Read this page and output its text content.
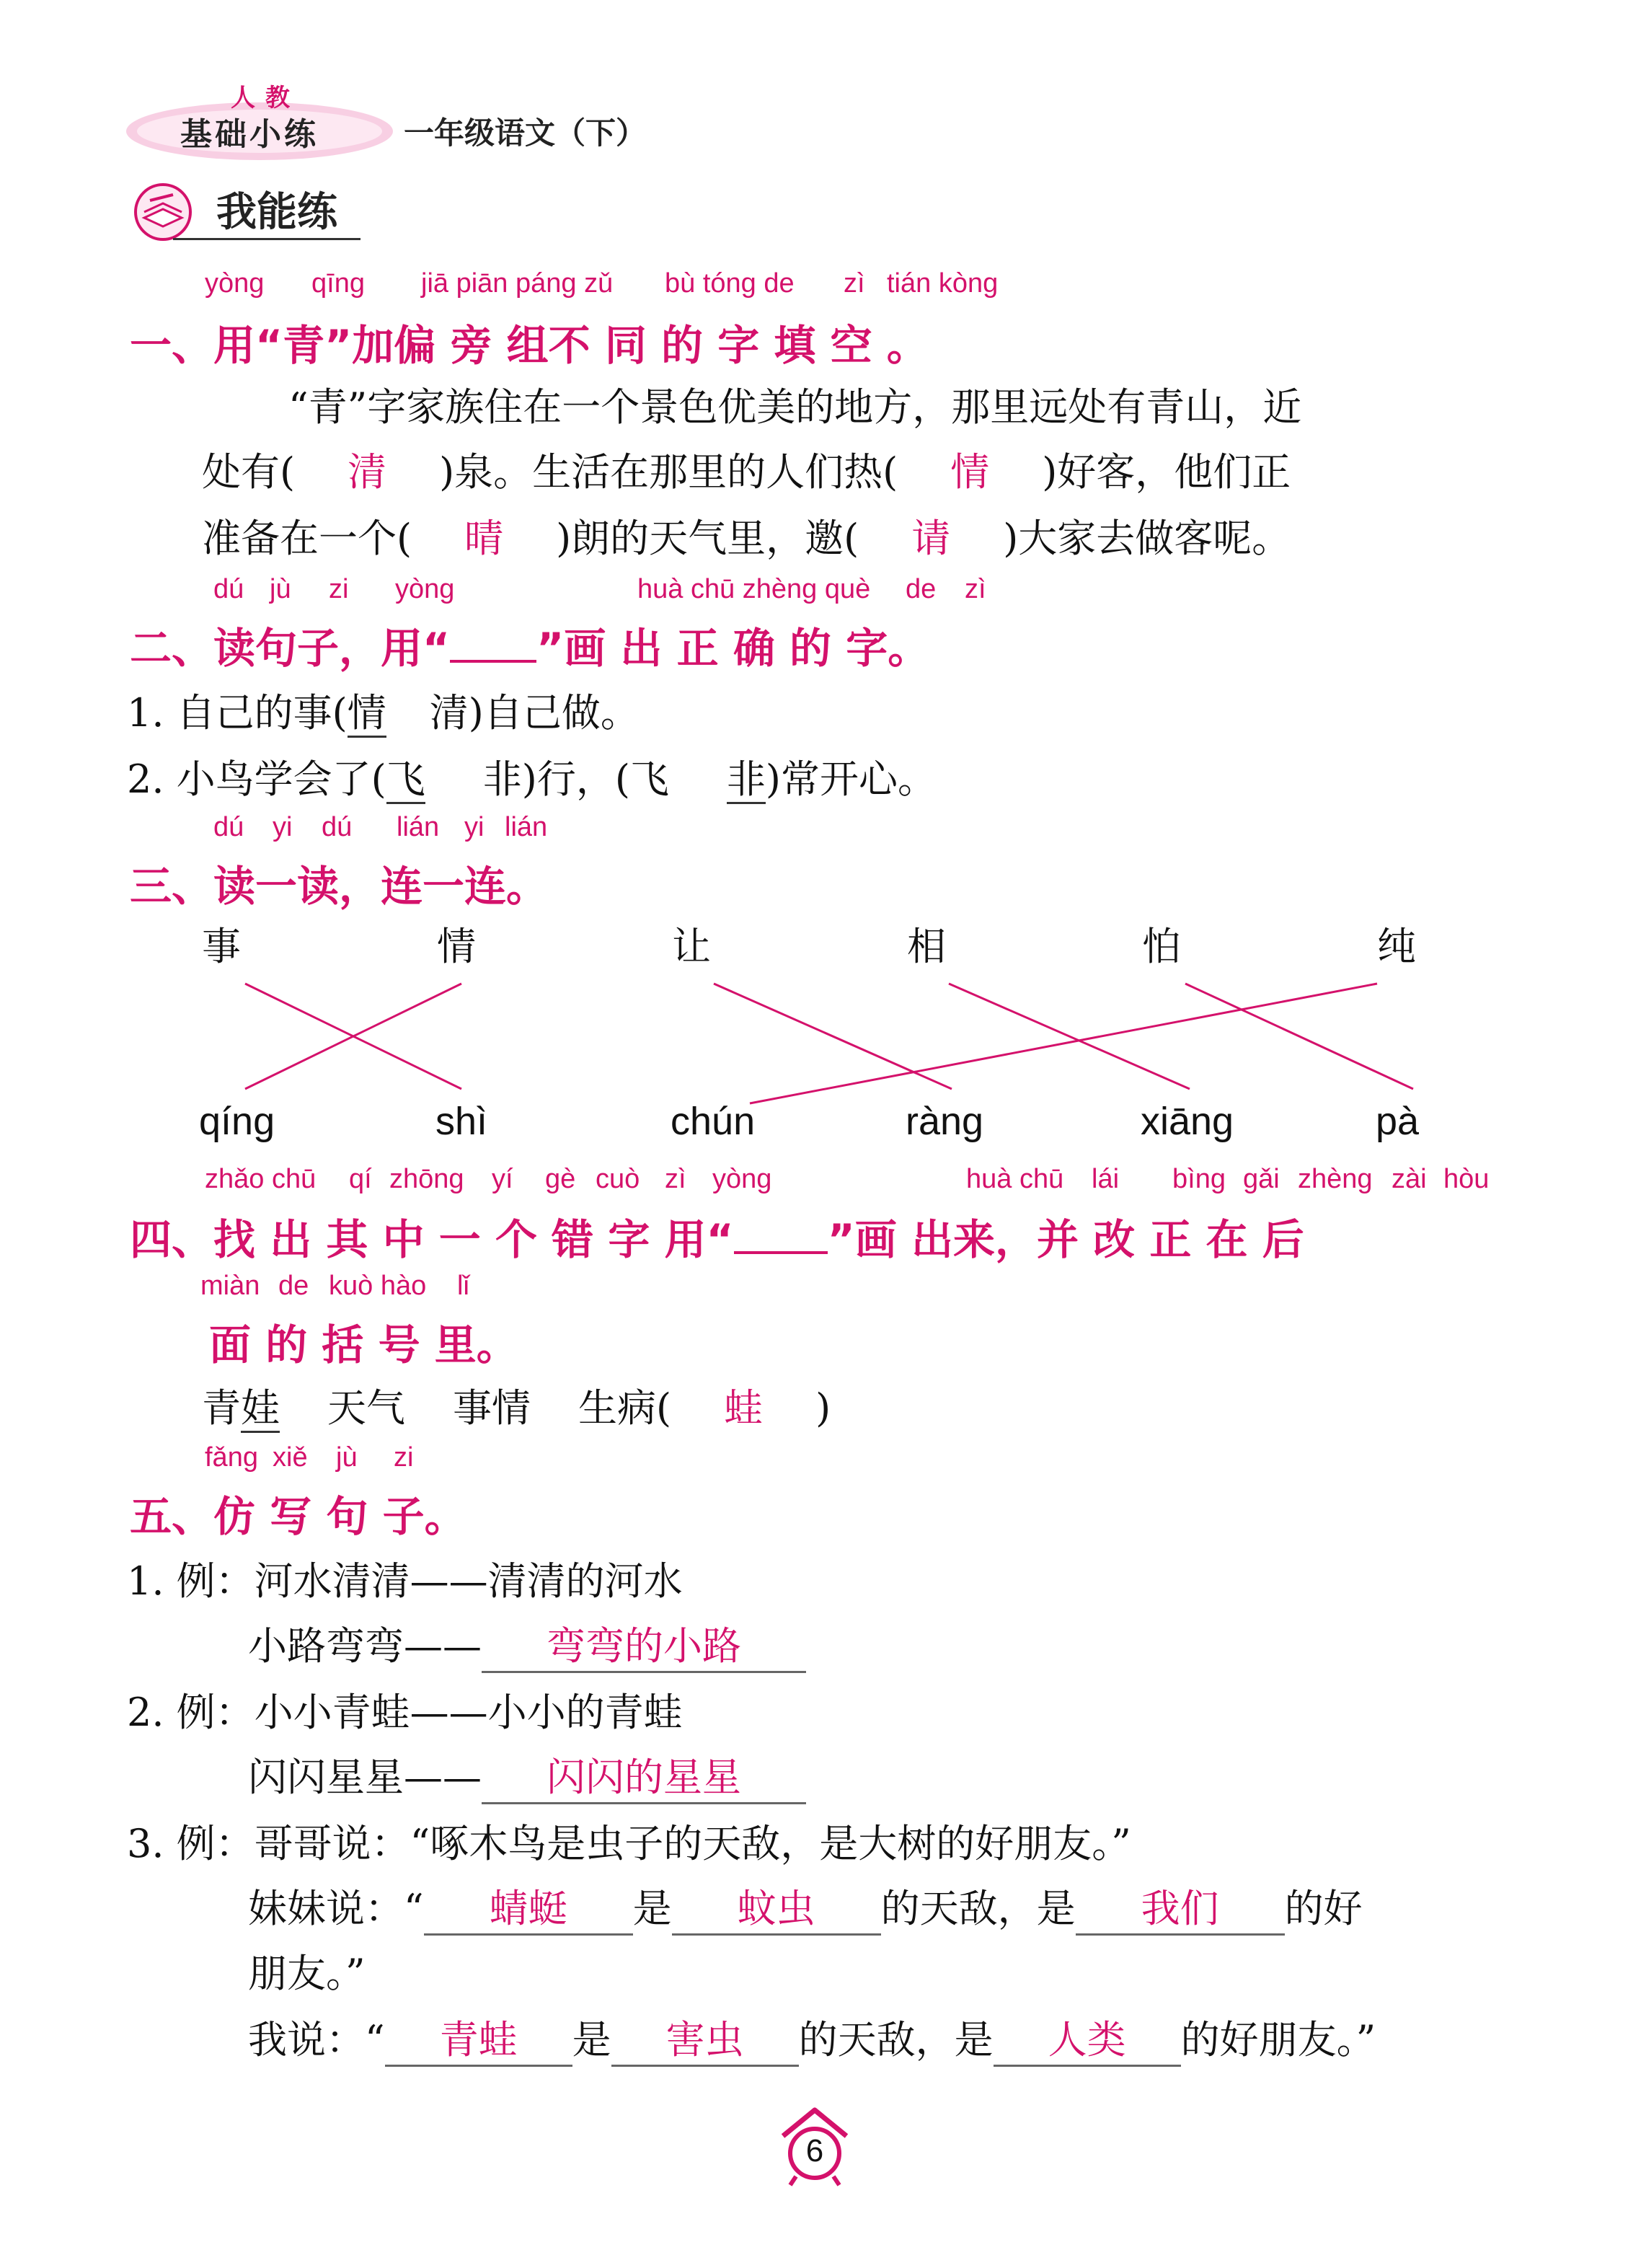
人教
基础小练	一年级语文（下）
我能练
yòng qīng jiā piān páng zǔ bù tóng de zì tián kòng
一、用“青”加偏 旁 组不 同 的 字 填 空 。
“青”字家族住在一个景色优美的地方，那里远处有青山，近
处有( 清 )泉。生活在那里的人们热( 情 )好客，他们正
准备在一个( 晴 )朗的天气里，邀( 请 )大家去做客呢。
dú jù zi yòng	huà chū zhèng què de zì
二、读句子，用“ ”画 出 正 确 的 字。
1. 自己的事(情 清)自己做。
2. 小鸟学会了(飞 非)行，(飞 非)常开心。
dú yi dú lián yi lián
三、读一读，连一连。
事	情	让	相	怕	纯
qíng	shì	chún	ràng	xiāng	pà
zhǎo chū qí zhōng yí gè cuò zì yòng	huà chū lái bìng gǎi zhèng zài hòu
四、找 出 其 中 一 个 错 字 用“ ”画 出来，并 改 正 在 后
miàn de kuò hào lǐ
面 的 括 号 里。
青娃 天气 事情 生病( 蛙 )
fǎng xiě jù zi
五、仿 写 句 子。
1. 例：河水清清——清清的河水
小路弯弯—— 弯弯的小路
2. 例：小小青蛙——小小的青蛙
闪闪星星—— 闪闪的星星
3. 例：哥哥说：“啄木鸟是虫子的天敌，是大树的好朋友。”
妹妹说：“ 蜻蜓 是 蚊虫 的天敌，是 我们 的好
朋友。”
我说：“ 青蛙 是 害虫 的天敌，是 人类 的好朋友。”
6
